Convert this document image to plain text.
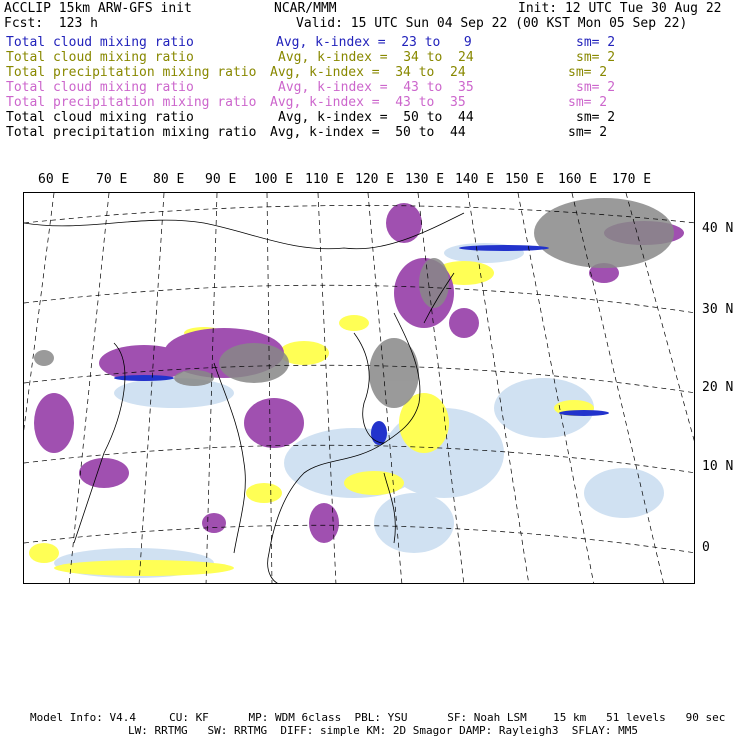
ACCLIP 15km ARW-GFS init	NCAR/MMM	Init: 12 UTC Tue 30 Aug 22
Fcst:  123 h	Valid: 15 UTC Sun 04 Sep 22 (00 KST Mon 05 Sep 22)
Total cloud mixing ratio	Avg, k-index =  23 to   9	sm= 2
Total cloud mixing ratio	Avg, k-index =  34 to  24	sm= 2
Total precipitation mixing ratio Avg, k-index =  34 to  24	sm= 2
Total cloud mixing ratio	Avg, k-index =  43 to  35	sm= 2
Total precipitation mixing ratio Avg, k-index =  43 to  35	sm= 2
Total cloud mixing ratio	Avg, k-index =  50 to  44	sm= 2
Total precipitation mixing ratio Avg, k-index =  50 to  44	sm= 2
60 E 70 E 80 E 90 E 100 E 110 E 120 E 130 E 140 E 150 E 160 E 170 E
40 N
30 N
20 N
10 N
0
Model Info: V4.4     CU: KF      MP: WDM 6class  PBL: YSU      SF: Noah LSM    15 km   51 levels   90 sec
LW: RRTMG   SW: RRTMG  DIFF: simple KM: 2D Smagor DAMP: Rayleigh3  SFLAY: MM5
